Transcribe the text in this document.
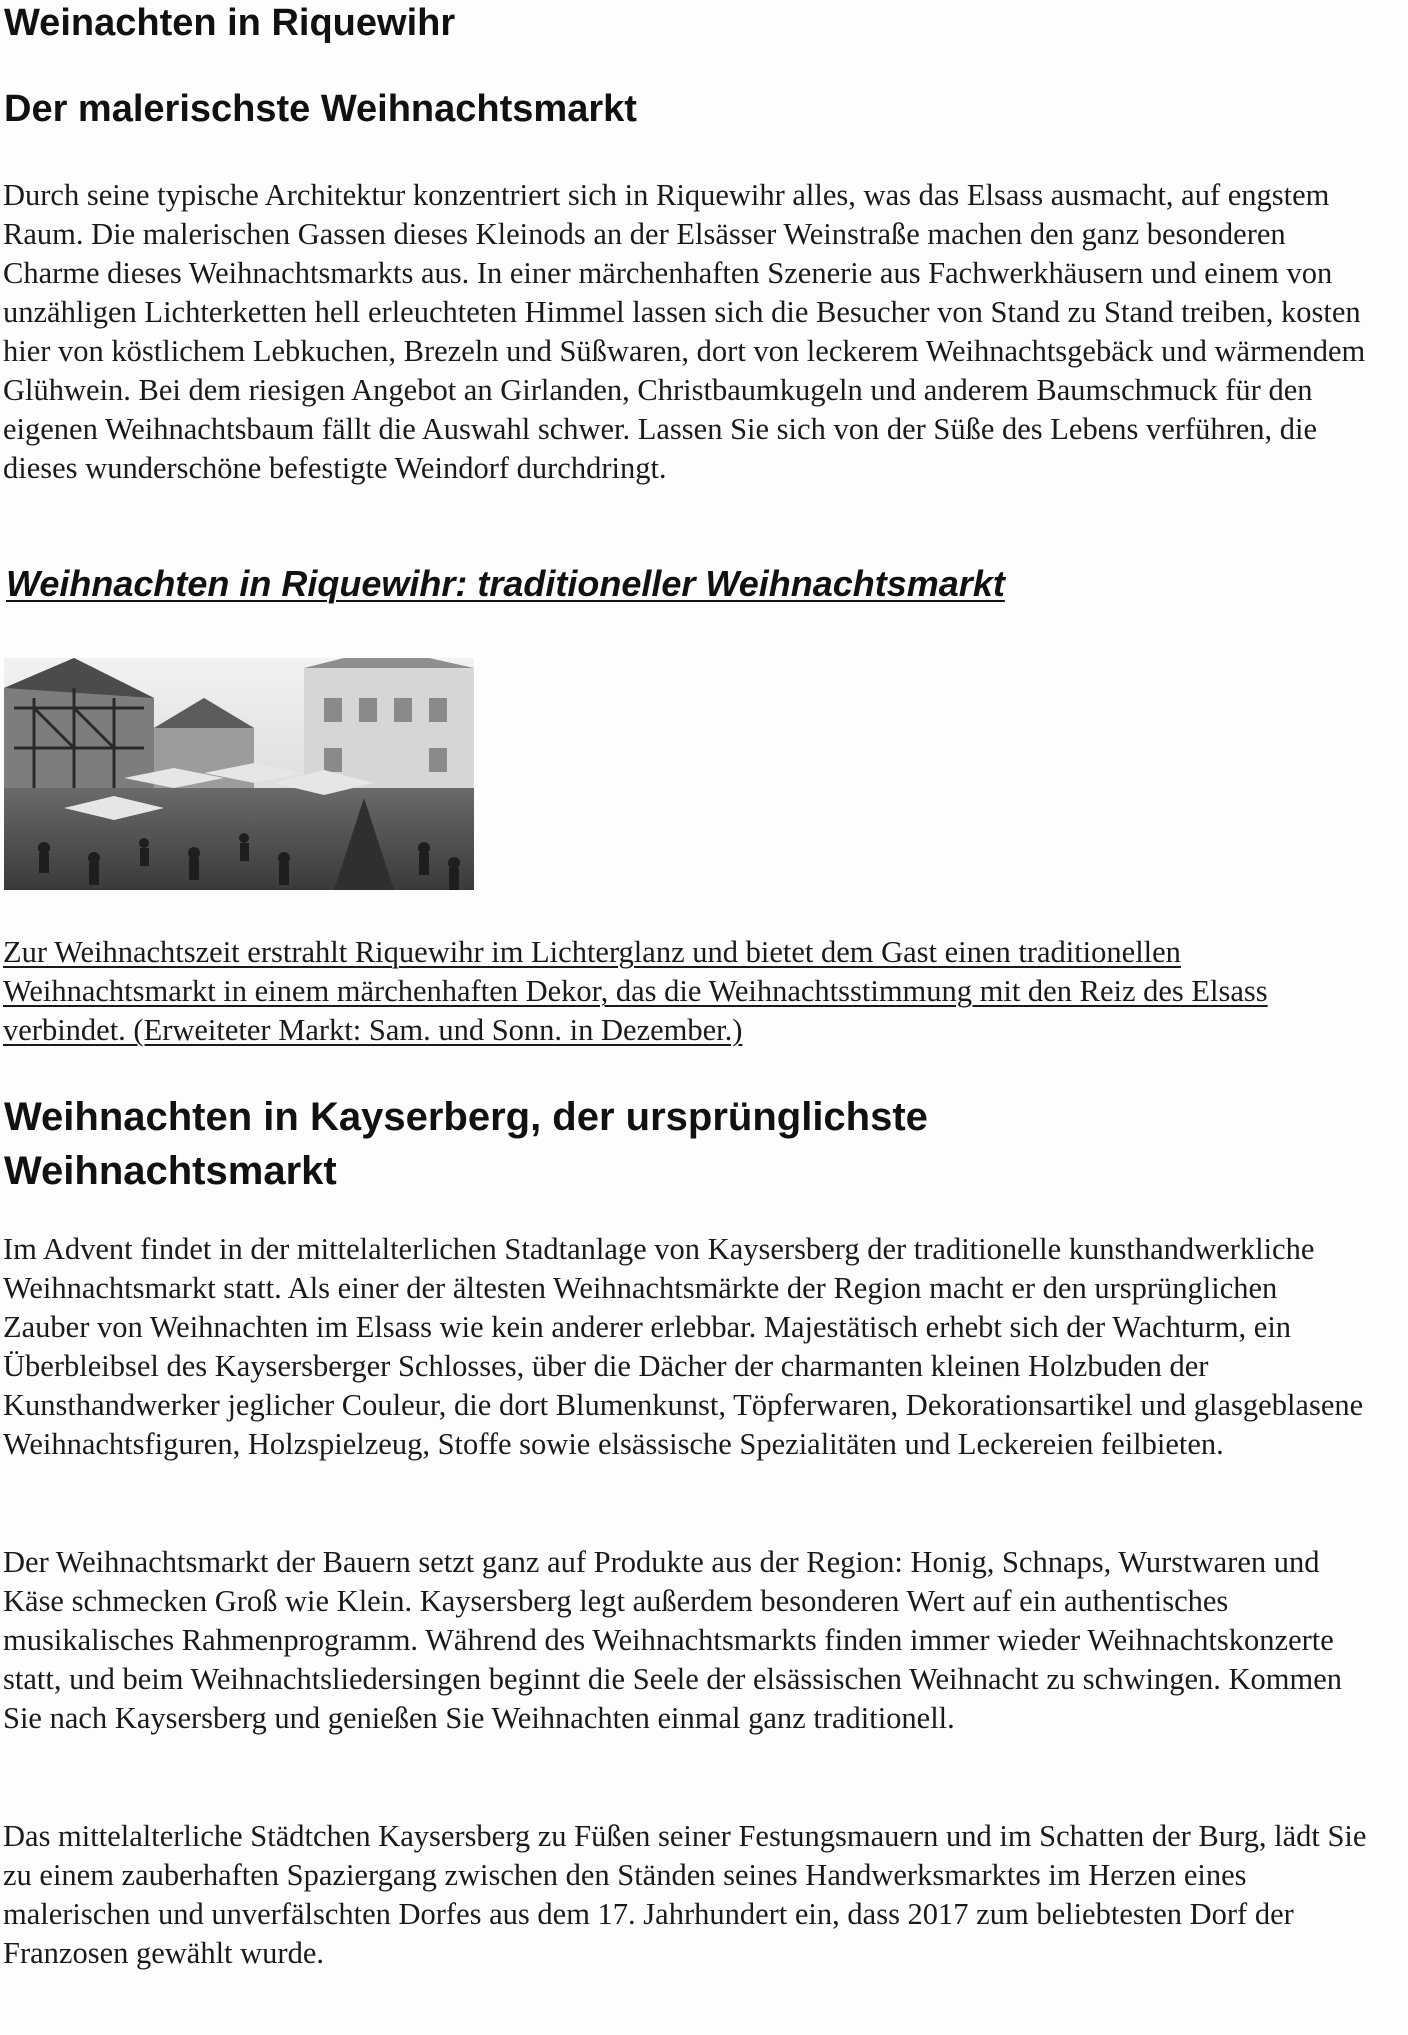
Weinachten in Riquewihr
Der malerischste Weihnachtsmarkt

Durch seine typische Architektur konzentriert sich in Riquewihr alles, was das Elsass ausmacht, auf engstem Raum. Die malerischen Gassen dieses Kleinods an der Elsässer Weinstraße machen den ganz besonderen Charme dieses Weihnachtsmarkts aus. In einer märchenhaften Szenerie aus Fachwerkhäusern und einem von unzähligen Lichterketten hell erleuchteten Himmel lassen sich die Besucher von Stand zu Stand treiben, kosten hier von köstlichem Lebkuchen, Brezeln und Süßwaren, dort von leckerem Weihnachtsgebäck und wärmendem Glühwein. Bei dem riesigen Angebot an Girlanden, Christbaumkugeln und anderem Baumschmuck für den eigenen Weihnachtsbaum fällt die Auswahl schwer. Lassen Sie sich von der Süße des Lebens verführen, die dieses wunderschöne befestigte Weindorf durchdringt.

Weihnachten in Riquewihr: traditioneller Weihnachtsmarkt

Zur Weihnachtszeit erstrahlt Riquewihr im Lichterglanz und bietet dem Gast einen traditionellen Weihnachtsmarkt in einem märchenhaften Dekor, das die Weihnachtsstimmung mit den Reiz des Elsass verbindet. (Erweiteter Markt: Sam. und Sonn. in Dezember.)

Weihnachten in Kayserberg, der ursprünglichste Weihnachtsmarkt

Im Advent findet in der mittelalterlichen Stadtanlage von Kaysersberg der traditionelle kunsthandwerkliche Weihnachtsmarkt statt. Als einer der ältesten Weihnachtsmärkte der Region macht er den ursprünglichen Zauber von Weihnachten im Elsass wie kein anderer erlebbar. Majestätisch erhebt sich der Wachturm, ein Überbleibsel des Kaysersberger Schlosses, über die Dächer der charmanten kleinen Holzbuden der Kunsthandwerker jeglicher Couleur, die dort Blumenkunst, Töpferwaren, Dekorationsartikel und glasgeblasene Weihnachtsfiguren, Holzspielzeug, Stoffe sowie elsässische Spezialitäten und Leckereien feilbieten.

Der Weihnachtsmarkt der Bauern setzt ganz auf Produkte aus der Region: Honig, Schnaps, Wurstwaren und Käse schmecken Groß wie Klein. Kaysersberg legt außerdem besonderen Wert auf ein authentisches musikalisches Rahmenprogramm. Während des Weihnachtsmarkts finden immer wieder Weihnachtskonzerte statt, und beim Weihnachtsliedersingen beginnt die Seele der elsässischen Weihnacht zu schwingen. Kommen Sie nach Kaysersberg und genießen Sie Weihnachten einmal ganz traditionell.

Das mittelalterliche Städtchen Kaysersberg zu Füßen seiner Festungsmauern und im Schatten der Burg, lädt Sie zu einem zauberhaften Spaziergang zwischen den Ständen seines Handwerksmarktes im Herzen eines malerischen und unverfälschten Dorfes aus dem 17. Jahrhundert ein, dass 2017 zum beliebtesten Dorf der Franzosen gewählt wurde.
